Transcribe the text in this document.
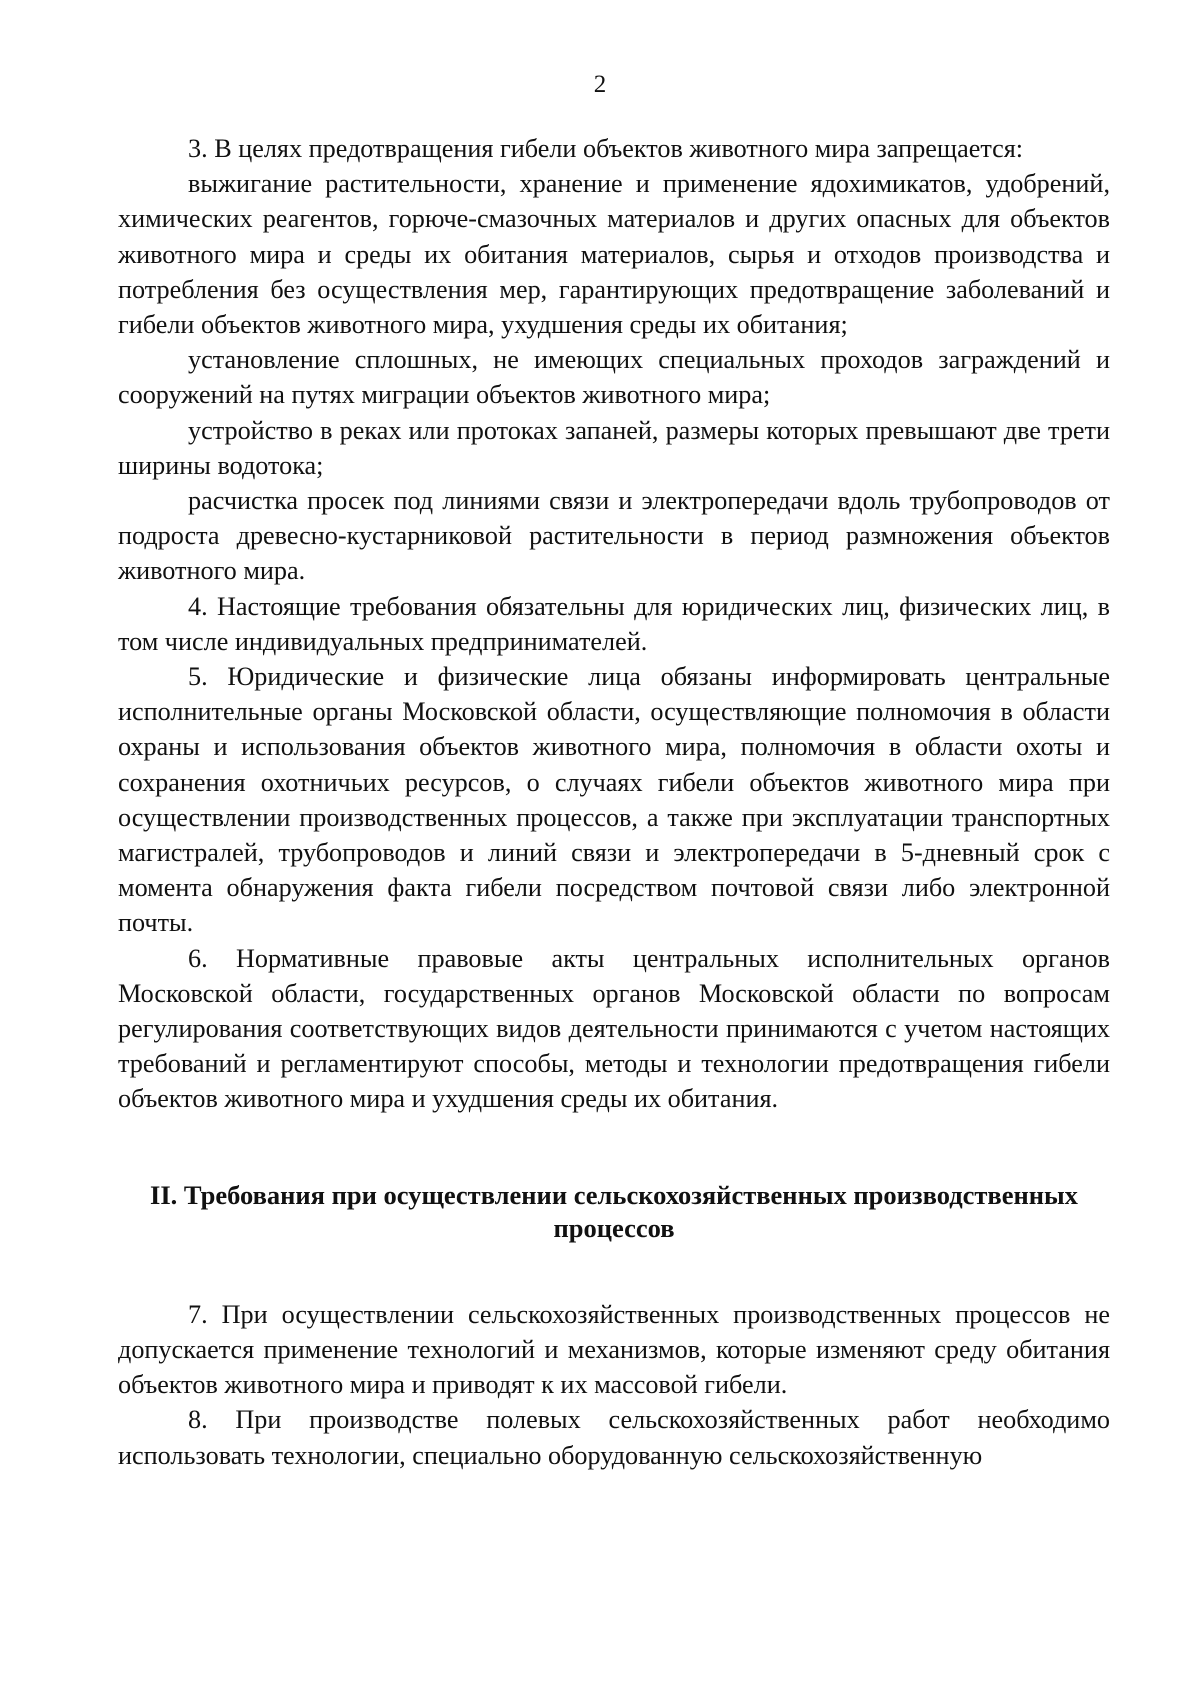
2

3. В целях предотвращения гибели объектов животного мира запрещается:

выжигание растительности, хранение и применение ядохимикатов, удобрений, химических реагентов, горюче-смазочных материалов и других опасных для объектов животного мира и среды их обитания материалов, сырья и отходов производства и потребления без осуществления мер, гарантирующих предотвращение заболеваний и гибели объектов животного мира, ухудшения среды их обитания;

установление сплошных, не имеющих специальных проходов заграждений и сооружений на путях миграции объектов животного мира;

устройство в реках или протоках запаней, размеры которых превышают две трети ширины водотока;

расчистка просек под линиями связи и электропередачи вдоль трубопроводов от подроста древесно-кустарниковой растительности в период размножения объектов животного мира.

4. Настоящие требования обязательны для юридических лиц, физических лиц, в том числе индивидуальных предпринимателей.

5. Юридические и физические лица обязаны информировать центральные исполнительные органы Московской области, осуществляющие полномочия в области охраны и использования объектов животного мира, полномочия в области охоты и сохранения охотничьих ресурсов, о случаях гибели объектов животного мира при осуществлении производственных процессов, а также при эксплуатации транспортных магистралей, трубопроводов и линий связи и электропередачи в 5-дневный срок с момента обнаружения факта гибели посредством почтовой связи либо электронной почты.

6. Нормативные правовые акты центральных исполнительных органов Московской области, государственных органов Московской области по вопросам регулирования соответствующих видов деятельности принимаются с учетом настоящих требований и регламентируют способы, методы и технологии предотвращения гибели объектов животного мира и ухудшения среды их обитания.

II. Требования при осуществлении сельскохозяйственных производственных
процессов

7. При осуществлении сельскохозяйственных производственных процессов не допускается применение технологий и механизмов, которые изменяют среду обитания объектов животного мира и приводят к их массовой гибели.

8. При производстве полевых сельскохозяйственных работ необходимо использовать технологии, специально оборудованную сельскохозяйственную
